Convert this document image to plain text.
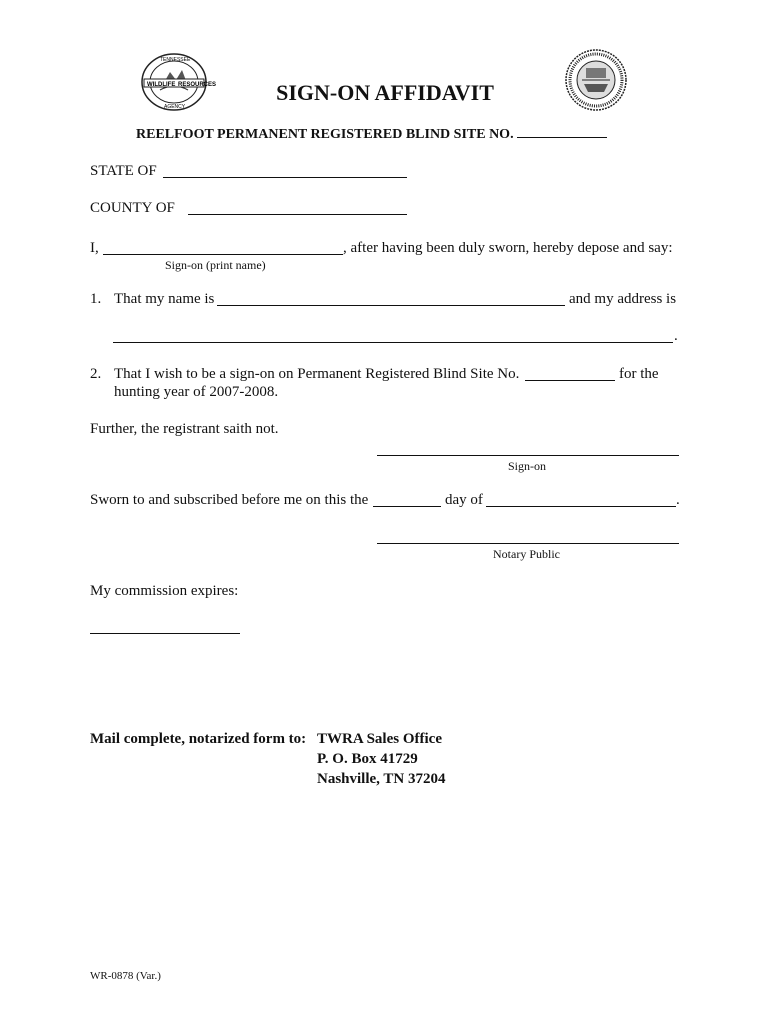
WILDLIFE RESOURCES
TENNESSEE
AGENCY
SIGN-ON AFFIDAVIT
REELFOOT PERMANENT REGISTERED BLIND SITE NO.
STATE OF
COUNTY OF
I,	, after having been duly sworn, hereby depose and say:
Sign-on (print name)
1. That my name is	and my address is
.
2. That I wish to be a sign-on on Permanent Registered Blind Site No.	for the
hunting year of 2007-2008.
Further, the registrant saith not.
Sign-on
Sworn to and subscribed before me on this the	day of	.
Notary Public
My commission expires:
Mail complete, notarized form to: TWRA Sales Office
P. O. Box 41729
Nashville, TN 37204
WR-0878 (Var.)
